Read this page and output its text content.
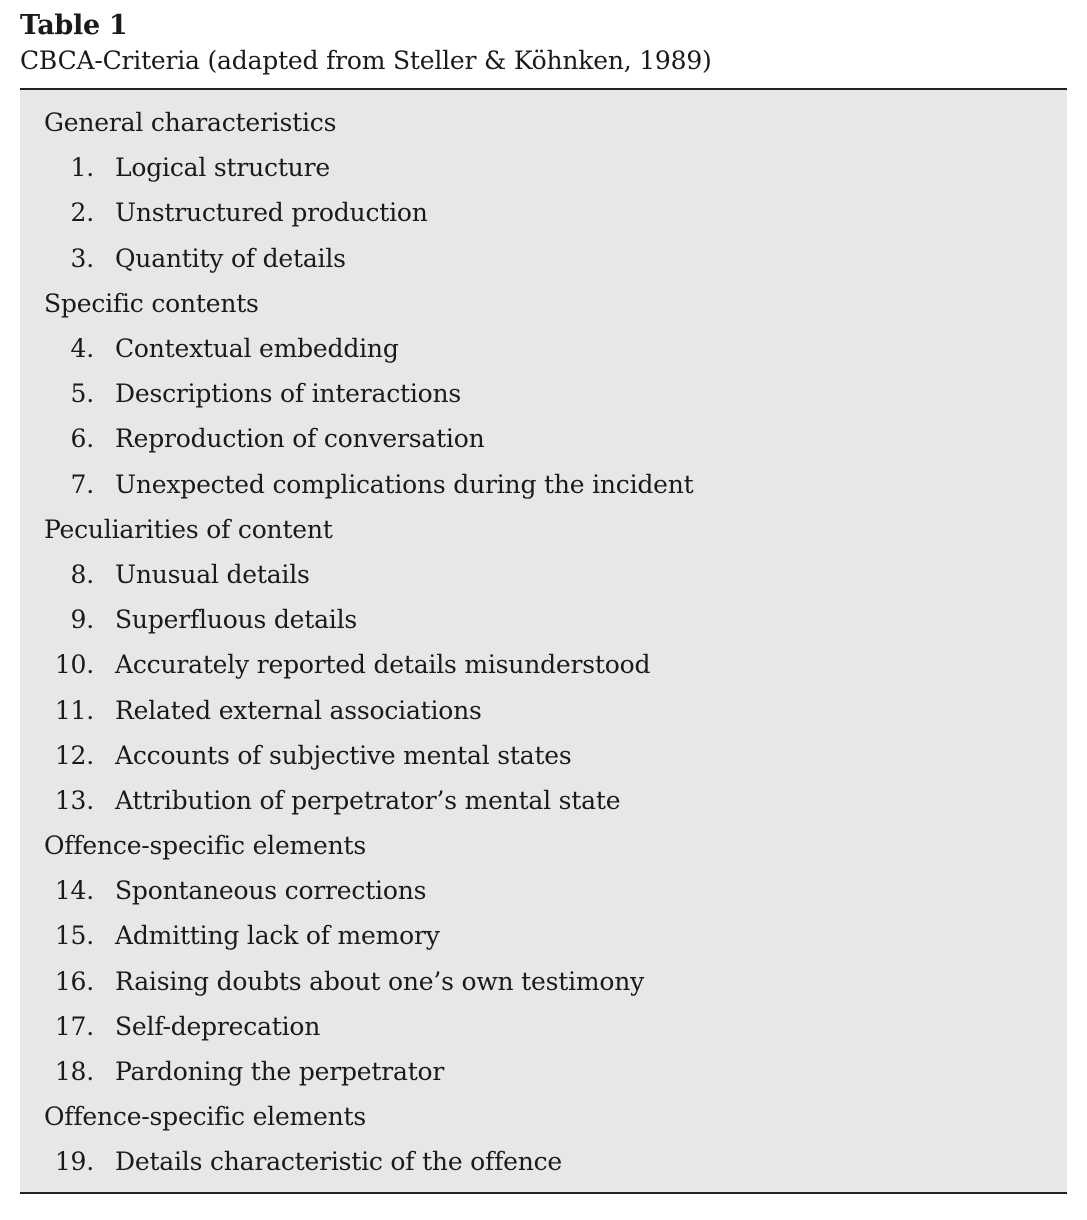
Table 1
CBCA-Criteria (adapted from Steller & Köhnken, 1989)
General characteristics
1. Logical structure
2. Unstructured production
3. Quantity of details
Specific contents
4. Contextual embedding
5. Descriptions of interactions
6. Reproduction of conversation
7. Unexpected complications during the incident
Peculiarities of content
8. Unusual details
9. Superfluous details
10. Accurately reported details misunderstood
11. Related external associations
12. Accounts of subjective mental states
13. Attribution of perpetrator’s mental state
Offence-specific elements
14. Spontaneous corrections
15. Admitting lack of memory
16. Raising doubts about one’s own testimony
17. Self-deprecation
18. Pardoning the perpetrator
Offence-specific elements
19. Details characteristic of the offence
